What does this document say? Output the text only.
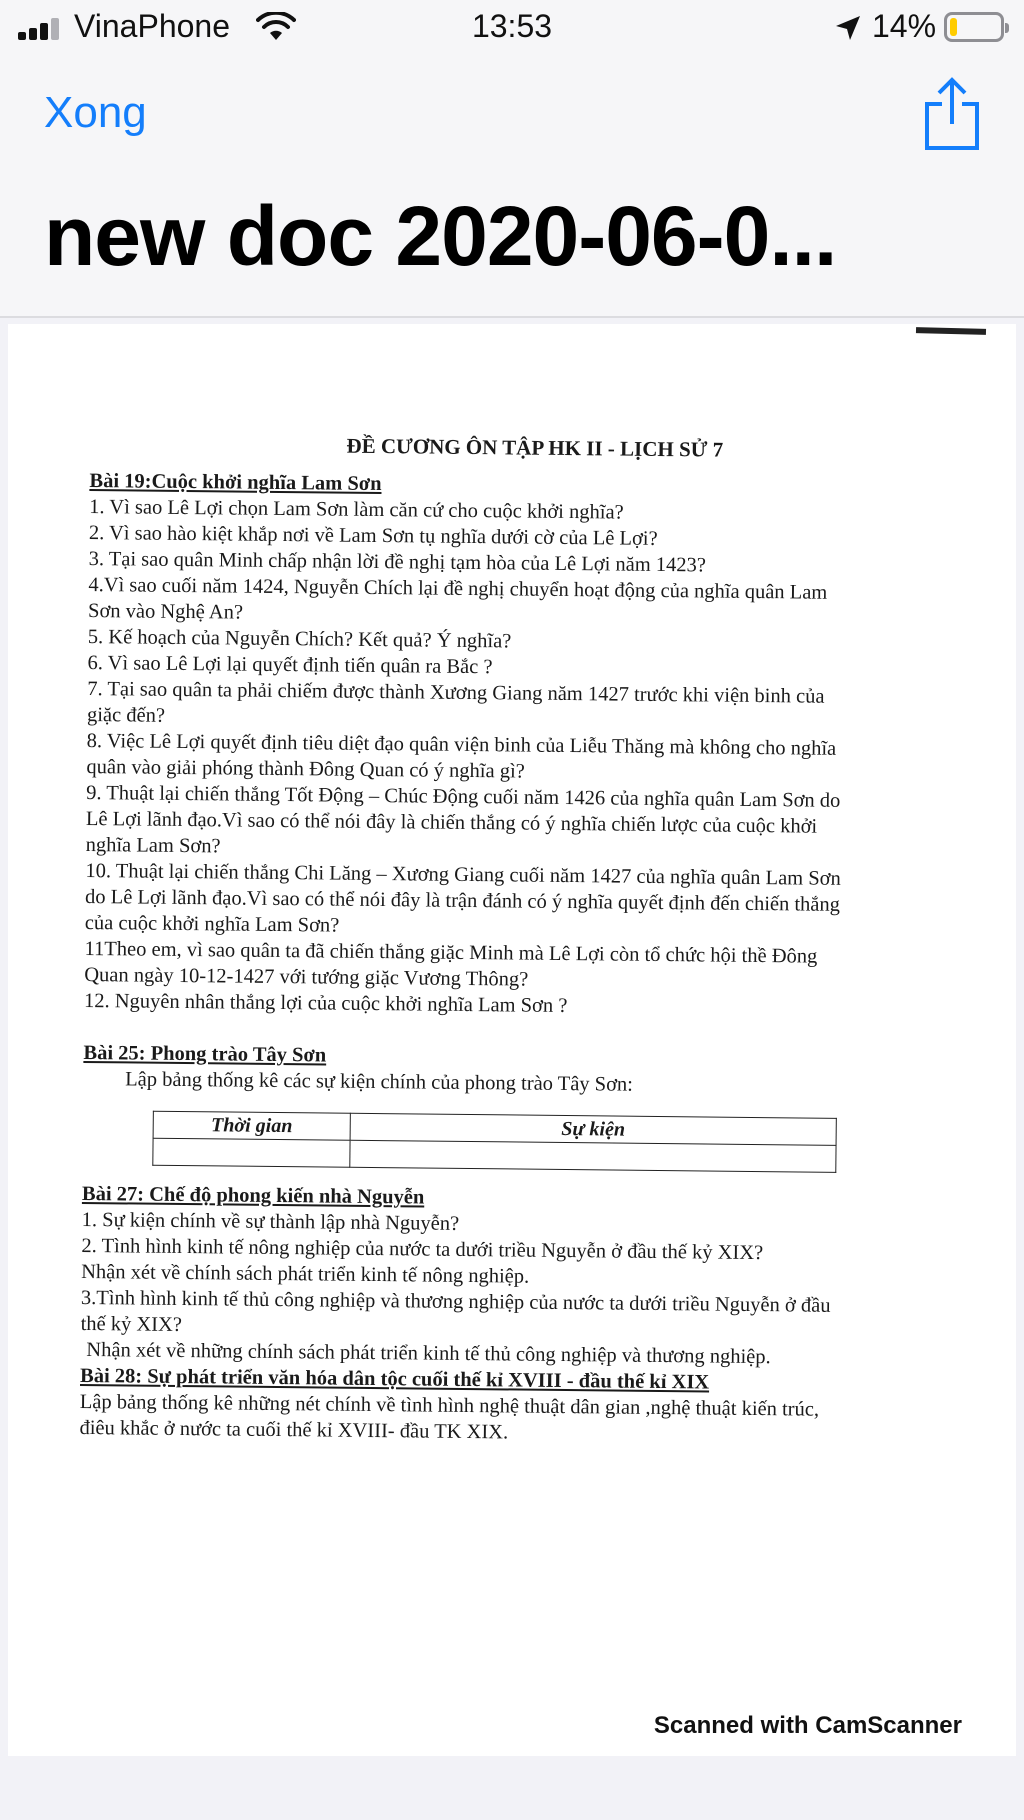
VinaPhone	13:53	14%
Xong
new doc 2020-06-0...

ĐỀ CƯƠNG ÔN TẬP HK II - LỊCH SỬ 7

Bài 19:Cuộc khởi nghĩa Lam Sơn

1. Vì sao Lê Lợi chọn Lam Sơn làm căn cứ cho cuộc khởi nghĩa?

2. Vì sao hào kiệt khắp nơi về Lam Sơn tụ nghĩa dưới cờ của Lê Lợi?

3. Tại sao quân Minh chấp nhận lời đề nghị tạm hòa của Lê Lợi năm 1423?

4.Vì sao cuối năm 1424, Nguyễn Chích lại đề nghị chuyển hoạt động của nghĩa quân Lam

Sơn vào Nghệ An?

5. Kế hoạch của Nguyễn Chích? Kết quả? Ý nghĩa?

6. Vì sao Lê Lợi lại quyết định tiến quân ra Bắc ?

7. Tại sao quân ta phải chiếm được thành Xương Giang năm 1427 trước khi viện binh của

giặc đến?

8. Việc Lê Lợi quyết định tiêu diệt đạo quân viện binh của Liễu Thăng mà không cho nghĩa

quân vào giải phóng thành Đông Quan có ý nghĩa gì?

9. Thuật lại chiến thắng Tốt Động – Chúc Động cuối năm 1426 của nghĩa quân Lam Sơn do

Lê Lợi lãnh đạo.Vì sao có thể nói đây là chiến thắng có ý nghĩa chiến lược của cuộc khởi

nghĩa Lam Sơn?

10. Thuật lại chiến thắng Chi Lăng – Xương Giang cuối năm 1427 của nghĩa quân Lam Sơn

do Lê Lợi lãnh đạo.Vì sao có thể nói đây là trận đánh có ý nghĩa quyết định đến chiến thắng

của cuộc khởi nghĩa Lam Sơn?

11Theo em, vì sao quân ta đã chiến thắng giặc Minh mà Lê Lợi còn tổ chức hội thề Đông

Quan ngày 10-12-1427 với tướng giặc Vương Thông?

12. Nguyên nhân thắng lợi của cuộc khởi nghĩa Lam Sơn ?

Bài 25: Phong trào Tây Sơn

Lập bảng thống kê các sự kiện chính của phong trào Tây Sơn:

Thời gian	Sự kiện

Bài 27: Chế độ phong kiến nhà Nguyễn

1. Sự kiện chính về sự thành lập nhà Nguyễn?

2. Tình hình kinh tế nông nghiệp của nước ta dưới triều Nguyễn ở đầu thế kỷ XIX?

Nhận xét về chính sách phát triển kinh tế nông nghiệp.

3.Tình hình kinh tế thủ công nghiệp và thương nghiệp của nước ta dưới triều Nguyễn ở đầu

thế kỷ XIX?

Nhận xét về những chính sách phát triển kinh tế thủ công nghiệp và thương nghiệp.

Bài 28: Sự phát triển văn hóa dân tộc cuối thế kỉ XVIII - đầu thế kỉ XIX

Lập bảng thống kê những nét chính về tình hình nghệ thuật dân gian ,nghệ thuật kiến trúc,

điêu khắc ở nước ta cuối thế kỉ XVIII- đầu TK XIX.

Scanned with CamScanner
